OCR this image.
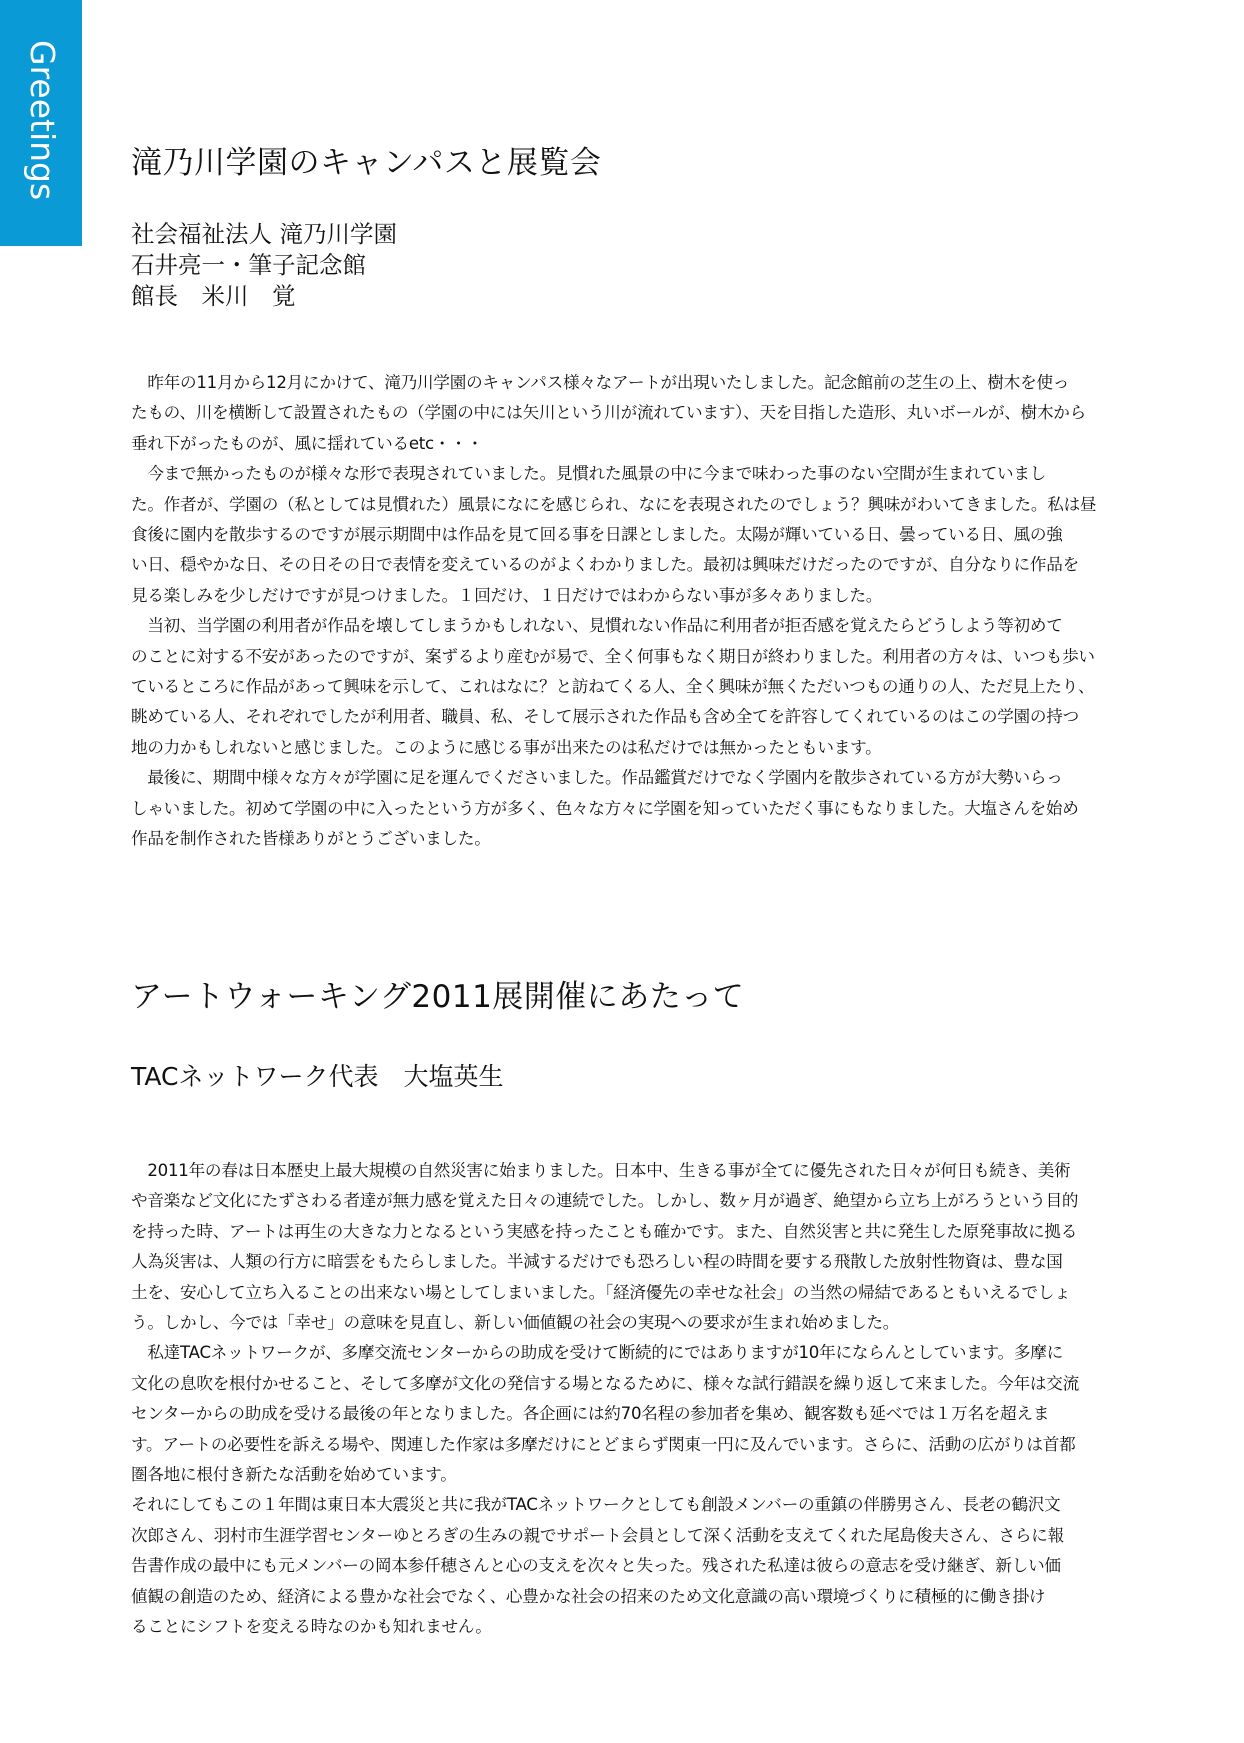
Greetings 滝乃川学園のキャンパスと展覧会

社会福祉法人 滝乃川学園

石井亮一・筆子記念館

館長　米川　覚

　昨年の11月から12月にかけて、滝乃川学園のキャンパス様々なアートが出現いたしました。記念館前の芝生の上、樹木を使っ

たもの、川を横断して設置されたもの（学園の中には矢川という川が流れています）、天を目指した造形、丸いボールが、樹木から

垂れ下がったものが、風に揺れているetc・・・

　今まで無かったものが様々な形で表現されていました。見慣れた風景の中に今まで味わった事のない空間が生まれていまし

た。作者が、学園の（私としては見慣れた）風景になにを感じられ、なにを表現されたのでしょう？興味がわいてきました。私は昼

食後に園内を散歩するのですが展示期間中は作品を見て回る事を日課としました。太陽が輝いている日、曇っている日、風の強

い日、穏やかな日、その日その日で表情を変えているのがよくわかりました。最初は興味だけだったのですが、自分なりに作品を

見る楽しみを少しだけですが見つけました。１回だけ、１日だけではわからない事が多々ありました。

　当初、当学園の利用者が作品を壊してしまうかもしれない、見慣れない作品に利用者が拒否感を覚えたらどうしよう等初めて

のことに対する不安があったのですが、案ずるより産むが易で、全く何事もなく期日が終わりました。利用者の方々は、いつも歩い

ているところに作品があって興味を示して、これはなに？と訪ねてくる人、全く興味が無くただいつもの通りの人、ただ見上たり、

眺めている人、それぞれでしたが利用者、職員、私、そして展示された作品も含め全てを許容してくれているのはこの学園の持つ

地の力かもしれないと感じました。このように感じる事が出来たのは私だけでは無かったともいます。

　最後に、期間中様々な方々が学園に足を運んでくださいました。作品鑑賞だけでなく学園内を散歩されている方が大勢いらっ

しゃいました。初めて学園の中に入ったという方が多く、色々な方々に学園を知っていただく事にもなりました。大塩さんを始め

作品を制作された皆様ありがとうございました。

アートウォーキング2011展開催にあたって

TACネットワーク代表　大塩英生

　2011年の春は日本歴史上最大規模の自然災害に始まりました。日本中、生きる事が全てに優先された日々が何日も続き、美術

や音楽など文化にたずさわる者達が無力感を覚えた日々の連続でした。しかし、数ヶ月が過ぎ、絶望から立ち上がろうという目的

を持った時、アートは再生の大きな力となるという実感を持ったことも確かです。また、自然災害と共に発生した原発事故に拠る

人為災害は、人類の行方に暗雲をもたらしました。半減するだけでも恐ろしい程の時間を要する飛散した放射性物資は、豊な国

土を、安心して立ち入ることの出来ない場としてしまいました。「経済優先の幸せな社会」の当然の帰結であるともいえるでしょ

う。しかし、今では「幸せ」の意味を見直し、新しい価値観の社会の実現への要求が生まれ始めました。

　私達TACネットワークが、多摩交流センターからの助成を受けて断続的にではありますが10年にならんとしています。多摩に

文化の息吹を根付かせること、そして多摩が文化の発信する場となるために、様々な試行錯誤を繰り返して来ました。今年は交流

センターからの助成を受ける最後の年となりました。各企画には約70名程の参加者を集め、観客数も延べでは１万名を超えま

す。アートの必要性を訴える場や、関連した作家は多摩だけにとどまらず関東一円に及んでいます。さらに、活動の広がりは首都

圏各地に根付き新たな活動を始めています。

それにしてもこの１年間は東日本大震災と共に我がTACネットワークとしても創設メンバーの重鎮の伴勝男さん、長老の鶴沢文

次郎さん、羽村市生涯学習センターゆとろぎの生みの親でサポート会員として深く活動を支えてくれた尾島俊夫さん、さらに報

告書作成の最中にも元メンバーの岡本参仟穂さんと心の支えを次々と失った。残された私達は彼らの意志を受け継ぎ、新しい価

値観の創造のため、経済による豊かな社会でなく、心豊かな社会の招来のため文化意識の高い環境づくりに積極的に働き掛け

ることにシフトを変える時なのかも知れません。
